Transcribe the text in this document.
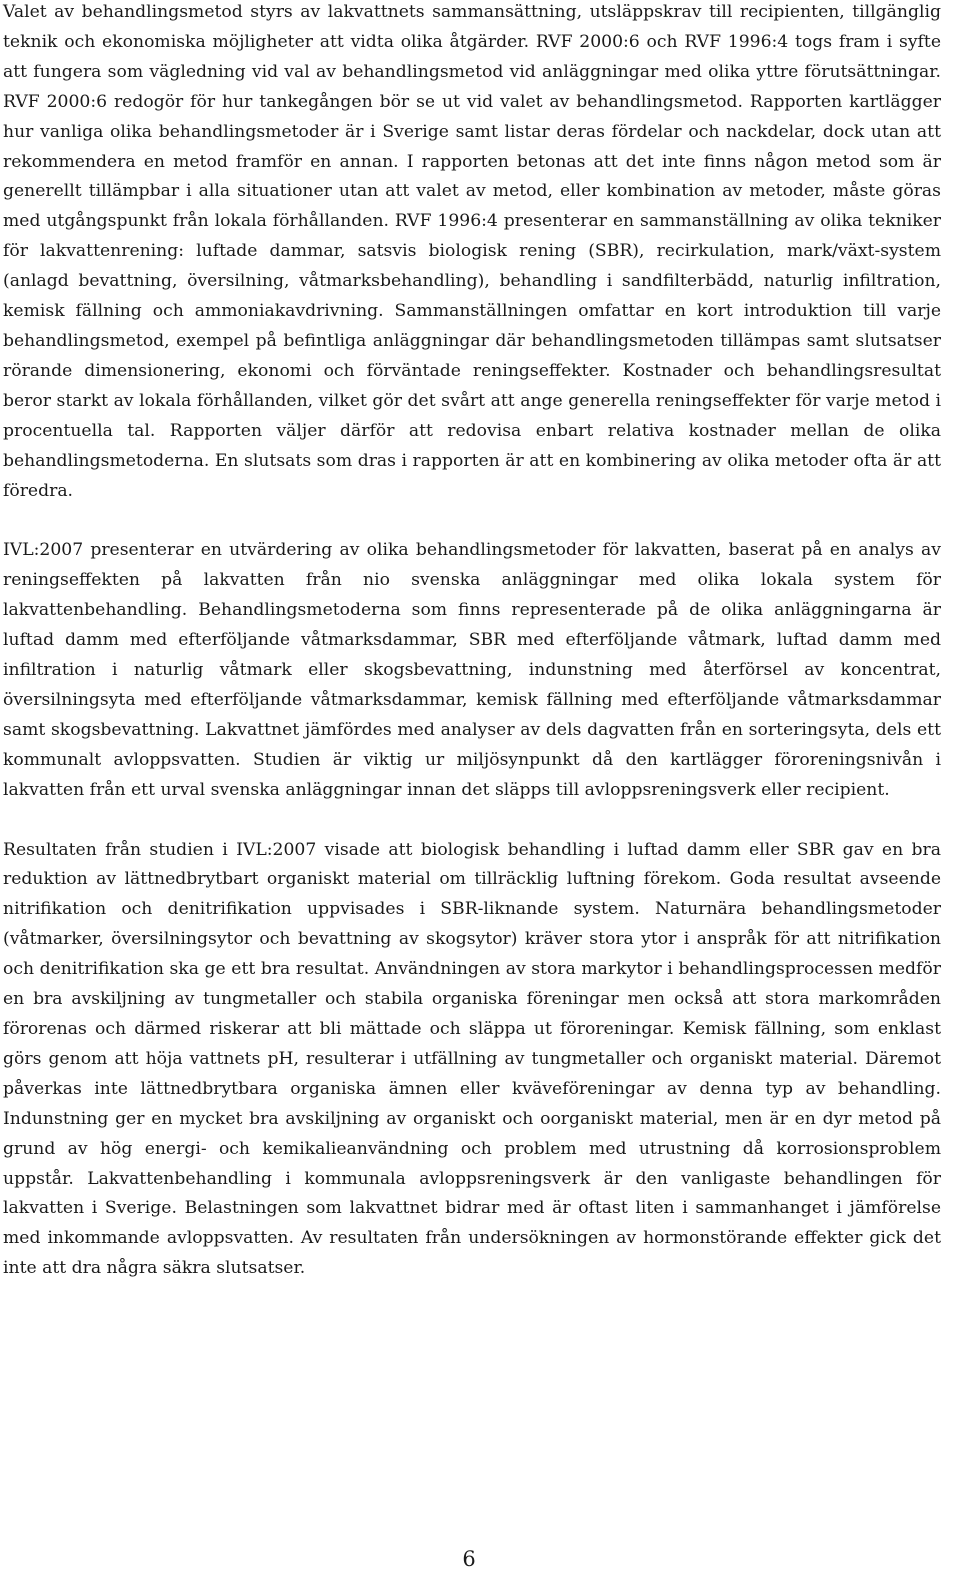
Valet av behandlingsmetod styrs av lakvattnets sammansättning, utsläppskrav till recipienten, tillgänglig teknik och ekonomiska möjligheter att vidta olika åtgärder. RVF 2000:6 och RVF 1996:4 togs fram i syfte att fungera som vägledning vid val av behandlingsmetod vid anläggningar med olika yttre förutsättningar. RVF 2000:6 redogör för hur tankegången bör se ut vid valet av behandlingsmetod. Rapporten kartlägger hur vanliga olika behandlingsmetoder är i Sverige samt listar deras fördelar och nackdelar, dock utan att rekommendera en metod framför en annan. I rapporten betonas att det inte finns någon metod som är generellt tillämpbar i alla situationer utan att valet av metod, eller kombination av metoder, måste göras med utgångspunkt från lokala förhållanden. RVF 1996:4 presenterar en sammanställning av olika tekniker för lakvattenrening: luftade dammar, satsvis biologisk rening (SBR), recirkulation, mark/växt-system (anlagd bevattning, översilning, våtmarksbehandling), behandling i sandfilterbädd, naturlig infiltration, kemisk fällning och ammoniakavdrivning. Sammanställningen omfattar en kort introduktion till varje behandlingsmetod, exempel på befintliga anläggningar där behandlingsmetoden tillämpas samt slutsatser rörande dimensionering, ekonomi och förväntade reningseffekter. Kostnader och behandlingsresultat beror starkt av lokala förhållanden, vilket gör det svårt att ange generella reningseffekter för varje metod i procentuella tal. Rapporten väljer därför att redovisa enbart relativa kostnader mellan de olika behandlingsmetoderna. En slutsats som dras i rapporten är att en kombinering av olika metoder ofta är att föredra.

IVL:2007 presenterar en utvärdering av olika behandlingsmetoder för lakvatten, baserat på en analys av reningseffekten på lakvatten från nio svenska anläggningar med olika lokala system för lakvattenbehandling. Behandlingsmetoderna som finns representerade på de olika anläggningarna är luftad damm med efterföljande våtmarksdammar, SBR med efterföljande våtmark, luftad damm med infiltration i naturlig våtmark eller skogsbevattning, indunstning med återförsel av koncentrat, översilningsyta med efterföljande våtmarksdammar, kemisk fällning med efterföljande våtmarksdammar samt skogsbevattning. Lakvattnet jämfördes med analyser av dels dagvatten från en sorteringsyta, dels ett kommunalt avloppsvatten. Studien är viktig ur miljösynpunkt då den kartlägger föroreningsnivån i lakvatten från ett urval svenska anläggningar innan det släpps till avloppsreningsverk eller recipient.

Resultaten från studien i IVL:2007 visade att biologisk behandling i luftad damm eller SBR gav en bra reduktion av lättnedbrytbart organiskt material om tillräcklig luftning förekom. Goda resultat avseende nitrifikation och denitrifikation uppvisades i SBR-liknande system. Naturnära behandlingsmetoder (våtmarker, översilningsytor och bevattning av skogsytor) kräver stora ytor i anspråk för att nitrifikation och denitrifikation ska ge ett bra resultat. Användningen av stora markytor i behandlingsprocessen medför en bra avskiljning av tungmetaller och stabila organiska föreningar men också att stora markområden förorenas och därmed riskerar att bli mättade och släppa ut föroreningar. Kemisk fällning, som enklast görs genom att höja vattnets pH, resulterar i utfällning av tungmetaller och organiskt material. Däremot påverkas inte lättnedbrytbara organiska ämnen eller kväveföreningar av denna typ av behandling. Indunstning ger en mycket bra avskiljning av organiskt och oorganiskt material, men är en dyr metod på grund av hög energi- och kemikalieanvändning och problem med utrustning då korrosionsproblem uppstår. Lakvattenbehandling i kommunala avloppsreningsverk är den vanligaste behandlingen för lakvatten i Sverige. Belastningen som lakvattnet bidrar med är oftast liten i sammanhanget i jämförelse med inkommande avloppsvatten. Av resultaten från undersökningen av hormonstörande effekter gick det inte att dra några säkra slutsatser.

6
